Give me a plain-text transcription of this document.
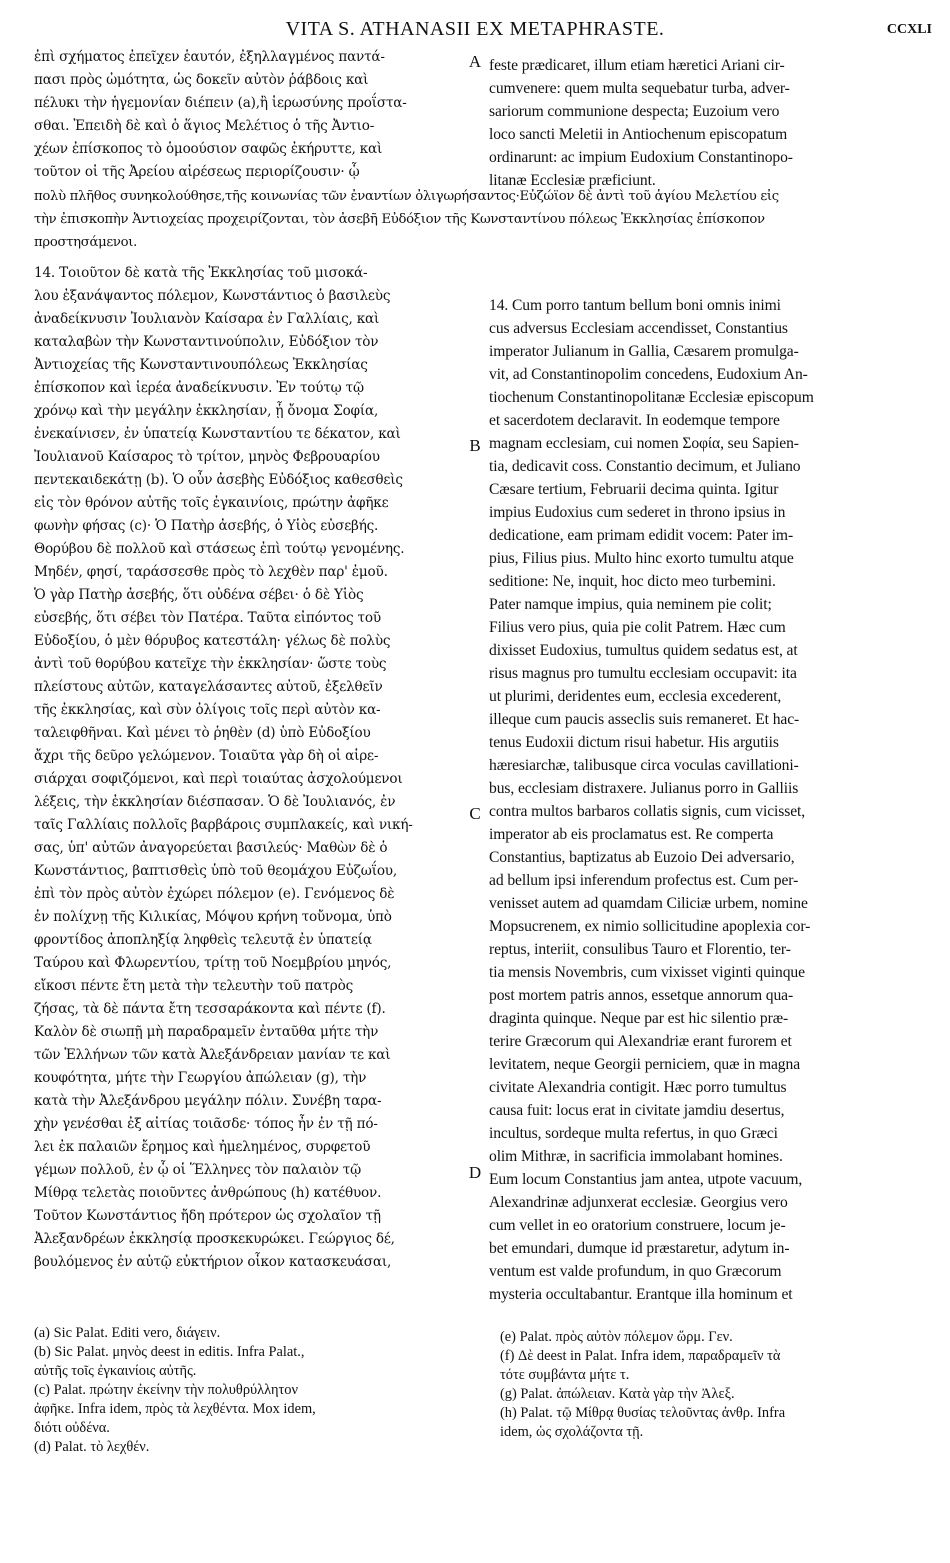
VITA S. ATHANASII EX METAPHRASTE.	CCXLI
ἐπὶ σχήματος ἐπεῖχεν ἑαυτόν, ἐξηλλαγμένος παντά-
πασι πρὸς ὠμότητα, ὡς δοκεῖν αὐτὸν ῥάβδοις καὶ
πέλυκι τὴν ἡγεμονίαν διέπειν (a),ἢ ἱερωσύνης προΐστα-
σθαι. Ἐπειδὴ δὲ καὶ ὁ ἅγιος Μελέτιος ὁ τῆς Ἀντιο-
χέων ἐπίσκοπος τὸ ὁμοούσιον σαφῶς ἐκήρυττε, καὶ
τοῦτον οἱ τῆς Ἀρείου αἱρέσεως περιορίζουσιν· ᾧ
feste prædicaret, illum etiam hæretici Ariani cir-
cumvenere: quem multa sequebatur turba, adver-
sariorum communione despecta; Euzoium vero
loco sancti Meletii in Antiochenum episcopatum
ordinarunt: ac impium Eudoxium Constantinopo-
litanæ Ecclesiæ præficiunt.
πολὺ πλῆθος συνηκολούθησε,τῆς κοινωνίας τῶν ἐναντίων ὀλιγωρήσαντος·Εὐζώϊον δὲ ἀντὶ τοῦ ἁγίου Μελετίου εἰς
τὴν ἐπισκοπὴν Ἀντιοχείας προχειρίζονται, τὸν ἀσεβῆ Εὐδόξιον τῆς Κωνσταντίνου πόλεως Ἐκκλησίας ἐπίσκοπον
προστησάμενοι.
14. Τοιοῦτον δὲ κατὰ τῆς Ἐκκλησίας τοῦ μισοκά-
λου ἐξανάψαντος πόλεμον, Κωνστάντιος ὁ βασιλεὺς
ἀναδείκνυσιν Ἰουλιανὸν Καίσαρα ἐν Γαλλίαις, καὶ
καταλαβὼν τὴν Κωνσταντινούπολιν, Εὐδόξιον τὸν
Ἀντιοχείας τῆς Κωνσταντινουπόλεως Ἐκκλησίας
ἐπίσκοπον καὶ ἱερέα ἀναδείκνυσιν. Ἐν τούτῳ τῷ
χρόνῳ καὶ τὴν μεγάλην ἐκκλησίαν, ᾗ ὄνομα Σοφία,
ἐνεκαίνισεν, ἐν ὑπατείᾳ Κωνσταντίου τε δέκατον, καὶ
Ἰουλιανοῦ Καίσαρος τὸ τρίτον, μηνὸς Φεβρουαρίου
πεντεκαιδεκάτῃ (b). Ὁ οὖν ἀσεβὴς Εὐδόξιος καθεσθεὶς
εἰς τὸν θρόνον αὐτῆς τοῖς ἐγκαινίοις, πρώτην ἀφῆκε
φωνὴν φήσας (c)· Ὁ Πατὴρ ἀσεβής, ὁ Υἱὸς εὐσεβής.
Θορύβου δὲ πολλοῦ καὶ στάσεως ἐπὶ τούτῳ γενομένης.
Μηδέν, φησί, ταράσσεσθε πρὸς τὸ λεχθὲν παρ' ἐμοῦ.
Ὁ γὰρ Πατὴρ ἀσεβής, ὅτι οὐδένα σέβει· ὁ δὲ Υἱὸς
εὐσεβής, ὅτι σέβει τὸν Πατέρα. Ταῦτα εἰπόντος τοῦ
Εὐδοξίου, ὁ μὲν θόρυβος κατεστάλη· γέλως δὲ πολὺς
ἀντὶ τοῦ θορύβου κατεῖχε τὴν ἐκκλησίαν· ὥστε τοὺς
πλείστους αὐτῶν, καταγελάσαντες αὐτοῦ, ἐξελθεῖν
τῆς ἐκκλησίας, καὶ σὺν ὀλίγοις τοῖς περὶ αὐτὸν κα-
ταλειφθῆναι. Καὶ μένει τὸ ῥηθὲν (d) ὑπὸ Εὐδοξίου
ἄχρι τῆς δεῦρο γελώμενον. Τοιαῦτα γὰρ δὴ οἱ αἱρε-
σιάρχαι σοφιζόμενοι, καὶ περὶ τοιαύτας ἀσχολούμενοι
λέξεις, τὴν ἐκκλησίαν διέσπασαν. Ὁ δὲ Ἰουλιανός, ἐν
ταῖς Γαλλίαις πολλοῖς βαρβάροις συμπλακείς, καὶ νική-
σας, ὑπ' αὐτῶν ἀναγορεύεται βασιλεύς· Μαθὼν δὲ ὁ
Κωνστάντιος, βαπτισθεὶς ὑπὸ τοῦ θεομάχου Εὐζωΐου,
ἐπὶ τὸν πρὸς αὐτὸν ἐχώρει πόλεμον (e). Γενόμενος δὲ
ἐν πολίχνῃ τῆς Κιλικίας, Μόψου κρήνη τοὔνομα, ὑπὸ
φροντίδος ἀποπληξίᾳ ληφθεὶς τελευτᾷ ἐν ὑπατείᾳ
Ταύρου καὶ Φλωρεντίου, τρίτῃ τοῦ Νοεμβρίου μηνός,
εἴκοσι πέντε ἔτη μετὰ τὴν τελευτὴν τοῦ πατρὸς
ζήσας, τὰ δὲ πάντα ἔτη τεσσαράκοντα καὶ πέντε (f).
Καλὸν δὲ σιωπῇ μὴ παραδραμεῖν ἐνταῦθα μήτε τὴν
τῶν Ἑλλήνων τῶν κατὰ Ἀλεξάνδρειαν μανίαν τε καὶ
κουφότητα, μήτε τὴν Γεωργίου ἀπώλειαν (g), τὴν
κατὰ τὴν Ἀλεξάνδρου μεγάλην πόλιν. Συνέβη ταρα-
χὴν γενέσθαι ἐξ αἰτίας τοιᾶσδε· τόπος ἦν ἐν τῇ πό-
λει ἐκ παλαιῶν ἔρημος καὶ ἠμελημένος, συρφετοῦ
γέμων πολλοῦ, ἐν ᾧ οἱ Ἕλληνες τὸν παλαιὸν τῷ
Μίθρᾳ τελετὰς ποιοῦντες ἀνθρώπους (h) κατέθυον.
Τοῦτον Κωνστάντιος ἤδη πρότερον ὡς σχολαῖον τῇ
Ἀλεξανδρέων ἐκκλησίᾳ προσκεκυρώκει. Γεώργιος δέ,
βουλόμενος ἐν αὐτῷ εὐκτήριον οἶκον κατασκευάσαι,
14. Cum porro tantum bellum boni omnis inimi
cus adversus Ecclesiam accendisset, Constantius
imperator Julianum in Gallia, Cæsarem promulga-
vit, ad Constantinopolim concedens, Eudoxium An-
tiochenum Constantinopolitanæ Ecclesiæ episcopum
et sacerdotem declaravit. In eodemque tempore
magnam ecclesiam, cui nomen Σοφία, seu Sapien-
tia, dedicavit coss. Constantio decimum, et Juliano
Cæsare tertium, Februarii decima quinta. Igitur
impius Eudoxius cum sederet in throno ipsius in
dedicatione, eam primam edidit vocem: Pater im-
pius, Filius pius. Multo hinc exorto tumultu atque
seditione: Ne, inquit, hoc dicto meo turbemini.
Pater namque impius, quia neminem pie colit;
Filius vero pius, quia pie colit Patrem. Hæc cum
dixisset Eudoxius, tumultus quidem sedatus est, at
risus magnus pro tumultu ecclesiam occupavit: ita
ut plurimi, deridentes eum, ecclesia excederent,
illeque cum paucis asseclis suis remaneret. Et hac-
tenus Eudoxii dictum risui habetur. His argutiis
hæresiarchæ, talibusque circa voculas cavillationi-
bus, ecclesiam distraxere. Julianus porro in Galliis
contra multos barbaros collatis signis, cum vicisset,
imperator ab eis proclamatus est. Re comperta
Constantius, baptizatus ab Euzoio Dei adversario,
ad bellum ipsi inferendum profectus est. Cum per-
venisset autem ad quamdam Ciliciæ urbem, nomine
Mopsucrenem, ex nimio sollicitudine apoplexia cor-
reptus, interiit, consulibus Tauro et Florentio, ter-
tia mensis Novembris, cum vixisset viginti quinque
post mortem patris annos, essetque annorum qua-
draginta quinque. Neque par est hic silentio præ-
terire Græcorum qui Alexandriæ erant furorem et
levitatem, neque Georgii perniciem, quæ in magna
civitate Alexandria contigit. Hæc porro tumultus
causa fuit: locus erat in civitate jamdiu desertus,
incultus, sordeque multa refertus, in quo Græci
olim Mithræ, in sacrificia immolabant homines.
Eum locum Constantius jam antea, utpote vacuum,
Alexandrinæ adjunxerat ecclesiæ. Georgius vero
cum vellet in eo oratorium construere, locum je-
bet emundari, dumque id præstaretur, adytum in-
ventum est valde profundum, in quo Græcorum
mysteria occultabantur. Erantque illa hominum et
A
B
C
D
(a) Sic Palat. Editi vero, διάγειν.
(b) Sic Palat. μηνὸς deest in editis. Infra Palat.,
αὐτῆς τοῖς ἐγκαινίοις αὐτῆς.
(c) Palat. πρώτην ἐκείνην τὴν πολυθρύλλητον
ἀφῆκε. Infra idem, πρὸς τὰ λεχθέντα. Mox idem,
διότι οὐδένα.
(d) Palat. τὸ λεχθέν.
(e) Palat. πρὸς αὐτὸν πόλεμον ὥρμ. Γεν.
(f) Δὲ deest in Palat. Infra idem, παραδραμεῖν τὰ
τότε συμβάντα μήτε τ.
(g) Palat. ἀπώλειαν. Κατὰ γὰρ τὴν Ἀλεξ.
(h) Palat. τῷ Μίθρᾳ θυσίας τελοῦντας ἀνθρ. Infra
idem, ὡς σχολάζοντα τῇ.
